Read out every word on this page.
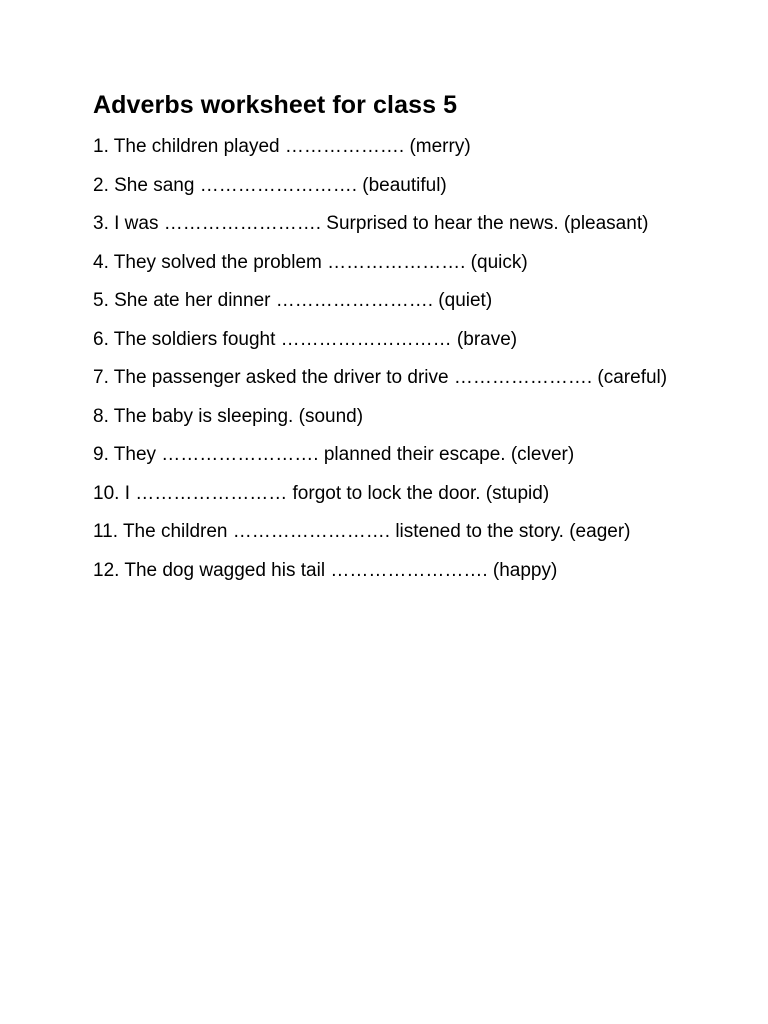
Adverbs worksheet for class 5
1. The children played ………………. (merry)
2. She sang ……………………. (beautiful)
3. I was ……………………. Surprised to hear the news. (pleasant)
4. They solved the problem …………………. (quick)
5. She ate her dinner ……………………. (quiet)
6. The soldiers fought ……………………… (brave)
7. The passenger asked the driver to drive …………………. (careful)
8. The baby is sleeping. (sound)
9. They ……………………. planned their escape. (clever)
10. I …………………… forgot to lock the door. (stupid)
11. The children ……………………. listened to the story. (eager)
12. The dog wagged his tail ……………………. (happy)
